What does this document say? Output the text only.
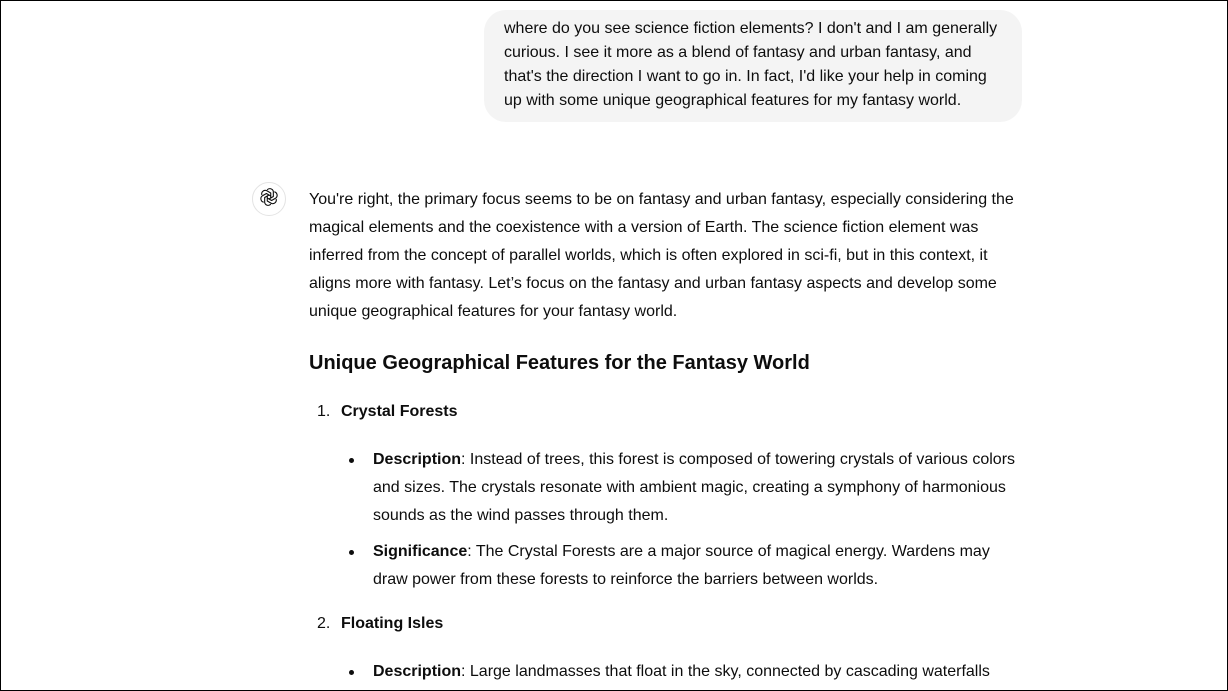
where do you see science fiction elements? I don't and I am generally curious. I see it more as a blend of fantasy and urban fantasy, and that's the direction I want to go in. In fact, I'd like your help in coming up with some unique geographical features for my fantasy world.

You're right, the primary focus seems to be on fantasy and urban fantasy, especially considering the magical elements and the coexistence with a version of Earth. The science fiction element was inferred from the concept of parallel worlds, which is often explored in sci-fi, but in this context, it aligns more with fantasy. Let’s focus on the fantasy and urban fantasy aspects and develop some unique geographical features for your fantasy world.

Unique Geographical Features for the Fantasy World
1. Crystal Forests
Description: Instead of trees, this forest is composed of towering crystals of various colors and sizes. The crystals resonate with ambient magic, creating a symphony of harmonious sounds as the wind passes through them.
Significance: The Crystal Forests are a major source of magical energy. Wardens may draw power from these forests to reinforce the barriers between worlds.
2. Floating Isles
Description: Large landmasses that float in the sky, connected by cascading waterfalls
